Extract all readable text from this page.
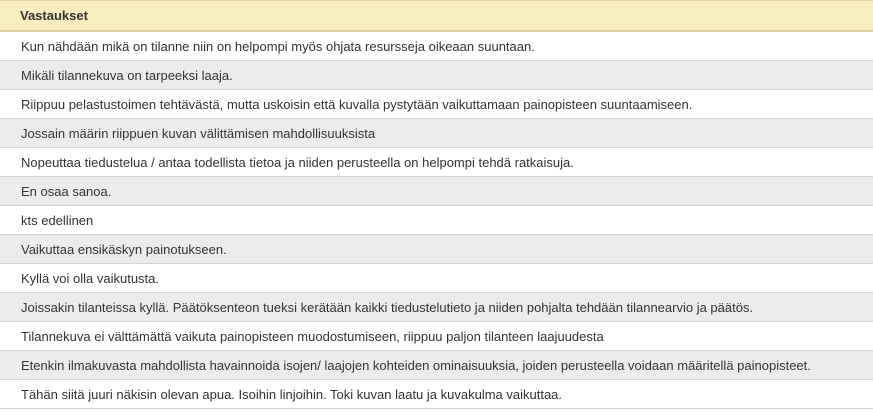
Vastaukset
Kun nähdään mikä on tilanne niin on helpompi myös ohjata resursseja oikeaan suuntaan.
Mikäli tilannekuva on tarpeeksi laaja.
Riippuu pelastustoimen tehtävästä, mutta uskoisin että kuvalla pystytään vaikuttamaan painopisteen suuntaamiseen.
Jossain määrin riippuen kuvan välittämisen mahdollisuuksista
Nopeuttaa tiedustelua / antaa todellista tietoa ja niiden perusteella on helpompi tehdä ratkaisuja.
En osaa sanoa.
kts edellinen
Vaikuttaa ensikäskyn painotukseen.
Kyllä voi olla vaikutusta.
Joissakin tilanteissa kyllä. Päätöksenteon tueksi kerätään kaikki tiedustelutieto ja niiden pohjalta tehdään tilannearvio ja päätös.
Tilannekuva ei välttämättä vaikuta painopisteen muodostumiseen, riippuu paljon tilanteen laajuudesta
Etenkin ilmakuvasta mahdollista havainnoida isojen/ laajojen kohteiden ominaisuuksia, joiden perusteella voidaan määritellä painopisteet.
Tähän siitä juuri näkisin olevan apua. Isoihin linjoihin. Toki kuvan laatu ja kuvakulma vaikuttaa.
